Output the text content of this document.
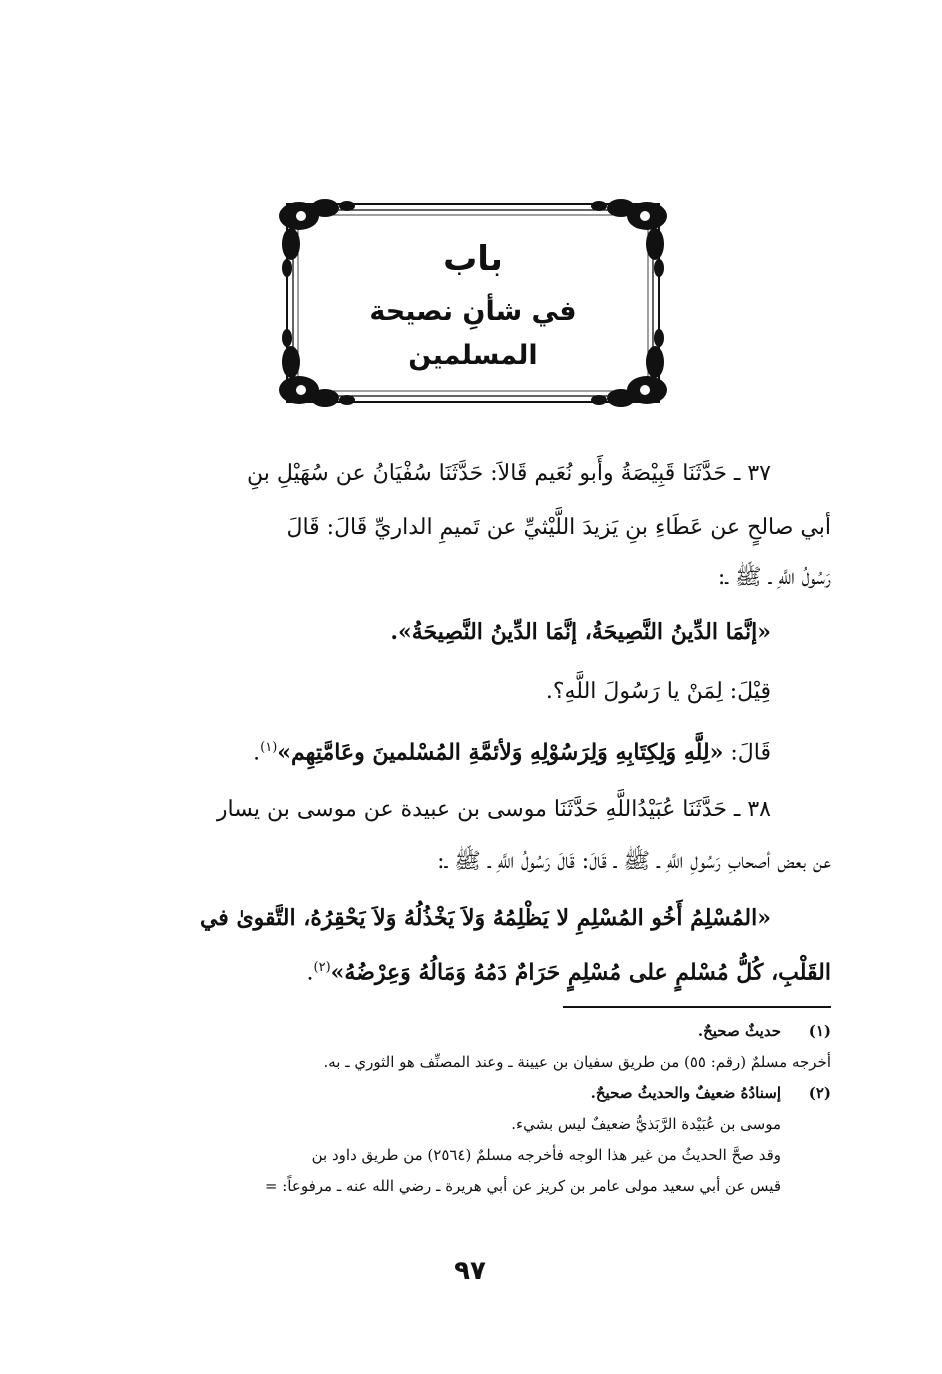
باب
في شأنِ نصيحة المسلمين

٣٧ ـ حَدَّثَنَا قَبِيْصَةُ وأَبو نُعَيم قَالاَ: حَدَّثَنَا سُفْيَانُ عن سُهَيْلِ بنِ

أبي صالحٍ عن عَطَاءِ بنِ يَزيدَ اللَّيْثيِّ عن تَميمِ الداريِّ قَالَ: قَالَ

رَسُولُ اللَّهِ ـ ﷺ ـ:

«إنَّمَا الدِّينُ النَّصِيحَةُ، إنَّمَا الدِّينُ النَّصِيحَةُ».

قِيْلَ: لِمَنْ يا رَسُولَ اللَّهِ؟.

قَالَ: «لِلَّهِ وَلِكِتَابِهِ وَلِرَسُوْلِهِ وَلأئمَّةِ المُسْلمينَ وعَامَّتِهِم»$^{(١)}$.

٣٨ ـ حَدَّثَنَا عُبَيْدُاللَّهِ حَدَّثَنَا موسى بن عبيدة عن موسى بن يسار

عن بعض أصحابِ رَسُولِ اللَّهِ ـ ﷺ ـ قَالَ: قَالَ رَسُولُ اللَّهِ ـ ﷺ ـ:

«المُسْلِمُ أَخُو المُسْلِمِ لا يَظْلِمُهُ وَلاَ يَخْذُلُهُ وَلاَ يَحْقِرُهُ، التَّقوىٰ في

القَلْبِ، كُلُّ مُسْلمٍ على مُسْلِمٍ حَرَامٌ دَمُهُ وَمَالُهُ وَعِرْضُهُ»$^{(٢)}$.

(١)
حديثٌ صحيحٌ.
أخرجه مسلمٌ (رقم: ٥٥) من طريق سفيان بن عيينة ـ وعند المصنِّف هو الثوري ـ به.
(٢)
إسنادُهُ ضعيفٌ والحديثُ صحيحٌ.
موسى بن عُبَيْدة الرَّبَذيُّ ضعيفٌ ليس بشيء.
وقد صحَّ الحديثُ من غير هذا الوجه فأخرجه مسلمٌ (٢٥٦٤) من طريق داود بن
قيس عن أبي سعيد مولى عامر بن كريز عن أبي هريرة ـ رضي الله عنه ـ مرفوعاً: =
٩٧
